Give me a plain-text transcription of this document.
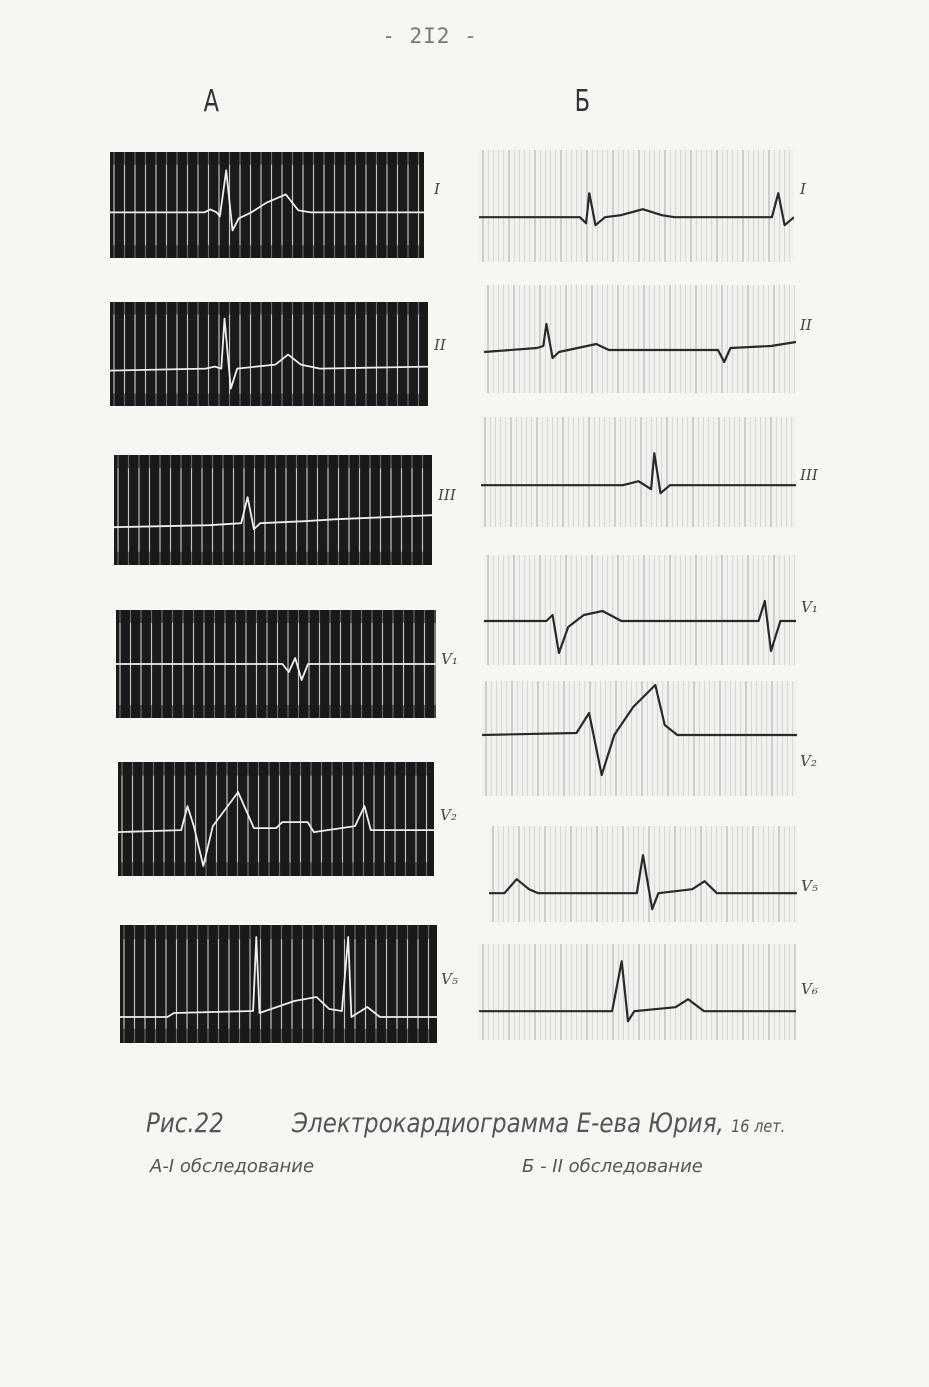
- 2I2 -
A	Б
I
II
III
V₁
V₂
V₅
I
II
III
V₁
V₂
V₅
V₆
Рис.22	Электрокардиограмма Е-ева Юрия, 16 лет.
А-I обследование	Б - II обследование
